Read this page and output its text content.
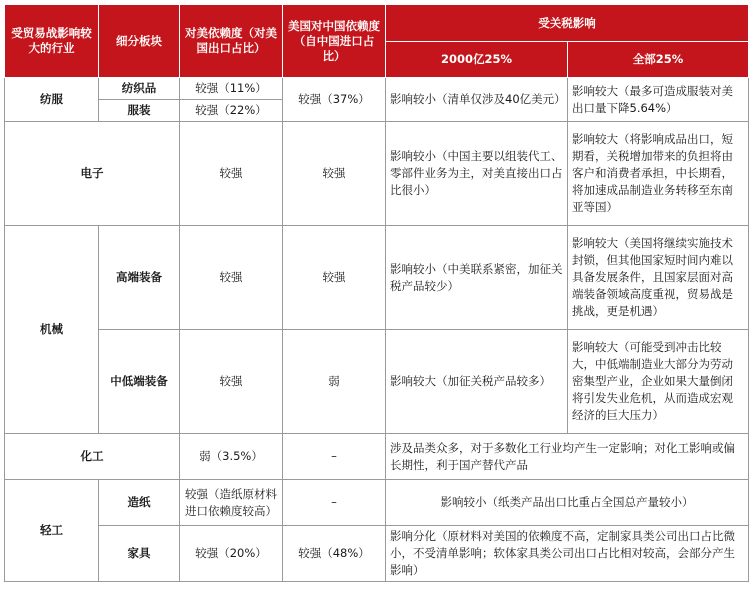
受贸易战影响较大的行业	细分板块	对美依赖度（对美国出口占比）	美国对中国依赖度（自中国进口占比）	受关税影响	
				2000亿25%	全部25%
纺服	纺织品	较强（11%）	较强（37%）	影响较小（清单仅涉及40亿美元）	影响较大（最多可造成服装对美出口量下降5.64%）
	服装	较强（22%）			
电子		较强	较强	影响较小（中国主要以组装代工、零部件业务为主，对美直接出口占比很小）	影响较大（将影响成品出口，短期看，关税增加带来的负担将由客户和消费者承担，中长期看，将加速成品制造业务转移至东南亚等国）
机械	高端装备	较强	较强	影响较小（中美联系紧密，加征关税产品较少）	影响较大（美国将继续实施技术封锁，但其他国家短时间内难以具备发展条件，且国家层面对高端装备领域高度重视，贸易战是挑战，更是机遇）
	中低端装备	较强	弱	影响较大（加征关税产品较多）	影响较大（可能受到冲击比较大，中低端制造业大部分为劳动密集型产业，企业如果大量倒闭将引发失业危机，从而造成宏观经济的巨大压力）
化工		弱（3.5%）	–	涉及品类众多，对于多数化工行业均产生一定影响；对化工影响或偏长期性，利于国产替代产品	
轻工	造纸	较强（造纸原材料进口依赖度较高）	–	影响较小（纸类产品出口比重占全国总产量较小）	
	家具	较强（20%）	较强（48%）	影响分化（原材料对美国的依赖度不高，定制家具类公司出口占比微小，不受清单影响；软体家具类公司出口占比相对较高，会部分产生影响）	
